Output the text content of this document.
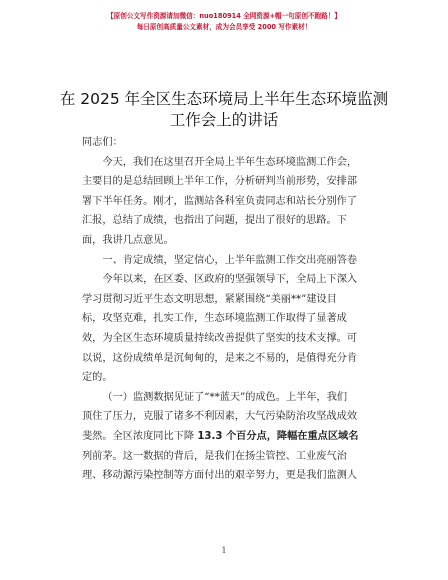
【原创公文写作资源请加微信：nuo180914 全网资源+帽一句原创不跑路！】
每日原创高质量公文素材，成为会员享受 2000 写作素材！
在 2025 年全区生态环境局上半年生态环境监测
工作会上的讲话

同志们：

今天，我们在这里召开全局上半年生态环境监测工作会，
主要目的是总结回顾上半年工作，分析研判当前形势，安排部
署下半年任务。刚才，监测站各科室负责同志和站长分别作了
汇报，总结了成绩，也指出了问题，提出了很好的思路。下
面，我讲几点意见。

一、肯定成绩，坚定信心，上半年监测工作交出亮丽答卷

今年以来，在区委、区政府的坚强领导下，全局上下深入
学习贯彻习近平生态文明思想，紧紧围绕“美丽**”建设目
标，攻坚克难，扎实工作，生态环境监测工作取得了显著成
效，为全区生态环境质量持续改善提供了坚实的技术支撑。可
以说，这份成绩单是沉甸甸的，是来之不易的，是值得充分肯
定的。

（一）监测数据见证了“**蓝天”的成色。上半年，我们
顶住了压力，克服了诸多不利因素，大气污染防治攻坚战成效
斐然。全区浓度同比下降 13.3 个百分点，降幅在重点区域名
列前茅。这一数据的背后，是我们在扬尘管控、工业废气治
理、移动源污染控制等方面付出的艰辛努力，更是我们监测人

1
